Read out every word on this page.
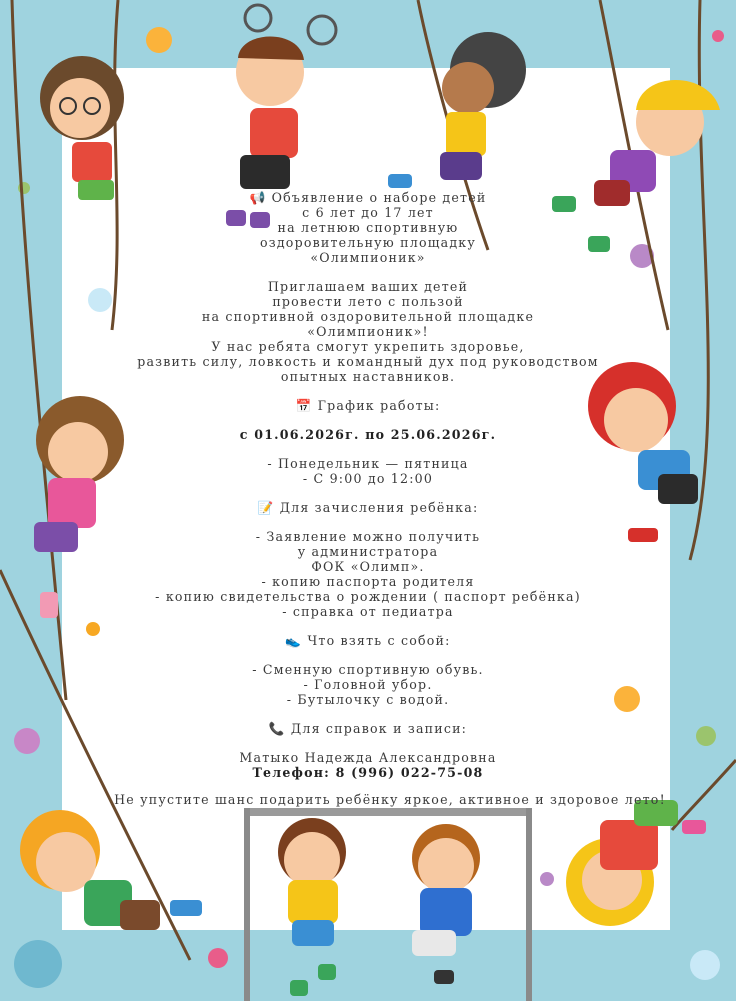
📢 Объявление о наборе детей
с 6 лет до 17 лет
на летнюю спортивную
оздоровительную площадку
«Олимпионик»
Приглашаем ваших детей
провести лето с пользой
на спортивной оздоровительной площадке
«Олимпионик»!
У нас ребята смогут укрепить здоровье,
развить силу, ловкость и командный дух под руководством
опытных наставников.
📅 График работы:
с 01.06.2026г. по 25.06.2026г.
- Понедельник — пятница
- С 9:00 до 12:00
📝 Для зачисления ребёнка:
- Заявление можно получить
у администратора
ФОК «Олимп».
- копию паспорта родителя
- копию свидетельства о рождении ( паспорт ребёнка)
- справка от педиатра
👟 Что взять с собой:
- Сменную спортивную обувь.
- Головной убор.
- Бутылочку с водой.
📞 Для справок и записи:
Матыко Надежда Александровна
Телефон: 8 (996) 022-75-08
Не упустите шанс подарить ребёнку яркое, активное и здоровое лето!
